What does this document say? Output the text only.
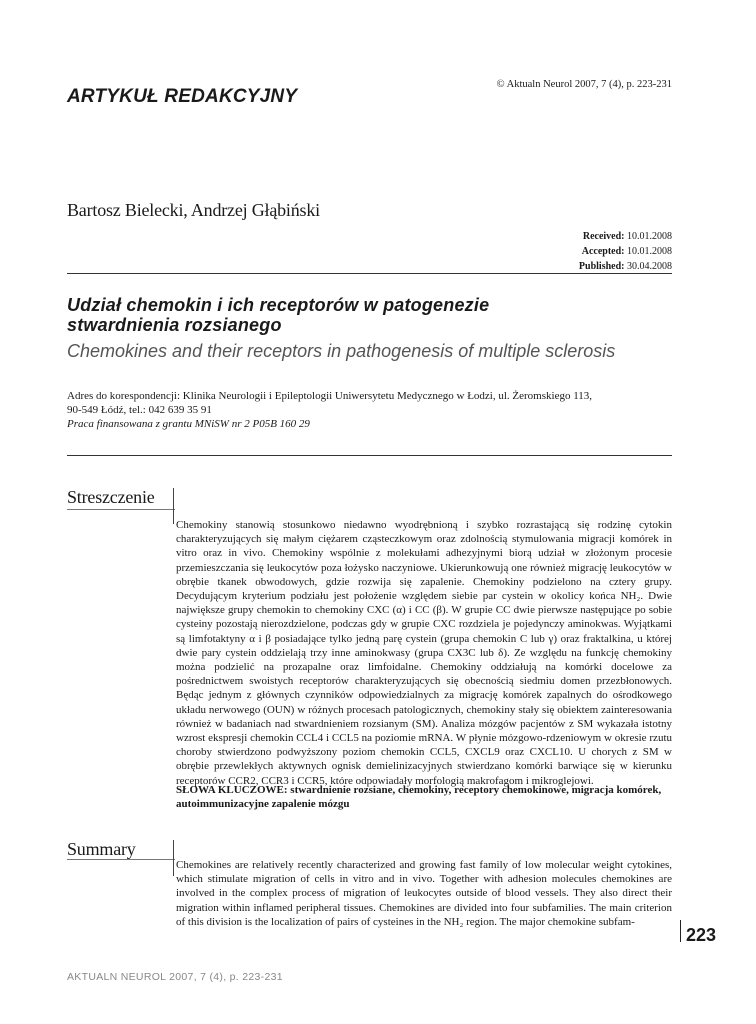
© Aktualn Neurol 2007, 7 (4), p. 223-231
ARTYKUŁ REDAKCYJNY
Bartosz Bielecki, Andrzej Głąbiński
Received: 10.01.2008
Accepted: 10.01.2008
Published: 30.04.2008
Udział chemokin i ich receptorów w patogenezie
stwardnienia rozsianego
Chemokines and their receptors in pathogenesis of multiple sclerosis
Adres do korespondencji: Klinika Neurologii i Epileptologii Uniwersytetu Medycznego w Łodzi, ul. Żeromskiego 113,
90-549 Łódź, tel.: 042 639 35 91
Praca finansowana z grantu MNiSW nr 2 P05B 160 29
Streszczenie
Chemokiny stanowią stosunkowo niedawno wyodrębnioną i szybko rozrastającą się rodzinę cytokin charakteryzujących się małym ciężarem cząsteczkowym oraz zdolnością stymulowania migracji komórek in vitro oraz in vivo. Chemokiny wspólnie z molekułami adhezyjnymi biorą udział w złożonym procesie przemieszczania się leukocytów poza łożysko naczyniowe. Ukierunkowują one również migrację leukocytów w obrębie tkanek obwodowych, gdzie rozwija się zapalenie. Chemokiny podzielono na cztery grupy. Decydującym kryterium podziału jest położenie względem siebie par cystein w okolicy końca NH₂. Dwie największe grupy chemokin to chemokiny CXC (α) i CC (β). W grupie CC dwie pierwsze następujące po sobie cysteiny pozostają nierozdzielone, podczas gdy w grupie CXC rozdziela je pojedynczy aminokwas. Wyjątkami są limfotaktyny α i β posiadające tylko jedną parę cystein (grupa chemokin C lub γ) oraz fraktalkina, u której dwie pary cystein oddzielają trzy inne aminokwasy (grupa CX3C lub δ). Ze względu na funkcję chemokiny można podzielić na prozapalne oraz limfoidalne. Chemokiny oddziałują na komórki docelowe za pośrednictwem swoistych receptorów charakteryzujących się obecnością siedmiu domen przezbłonowych. Będąc jednym z głównych czynników odpowiedzialnych za migrację komórek zapalnych do ośrodkowego układu nerwowego (OUN) w różnych procesach patologicznych, chemokiny stały się obiektem zainteresowania również w badaniach nad stwardnieniem rozsianym (SM). Analiza mózgów pacjentów z SM wykazała istotny wzrost ekspresji chemokin CCL4 i CCL5 na poziomie mRNA. W płynie mózgowo-rdzeniowym w okresie rzutu choroby stwierdzono podwyższony poziom chemokin CCL5, CXCL9 oraz CXCL10. U chorych z SM w obrębie przewlekłych aktywnych ognisk demielinizacyjnych stwierdzano komórki barwiące się w kierunku receptorów CCR2, CCR3 i CCR5, które odpowiadały morfologią makrofagom i mikroglejowi.
SŁOWA KLUCZOWE: stwardnienie rozsiane, chemokiny, receptory chemokinowe, migracja komórek, autoimmunizacyjne zapalenie mózgu
Summary
Chemokines are relatively recently characterized and growing fast family of low molecular weight cytokines, which stimulate migration of cells in vitro and in vivo. Together with adhesion molecules chemokines are involved in the complex process of migration of leukocytes outside of blood vessels. They also direct their migration within inflamed peripheral tissues. Chemokines are divided into four subfamilies. The main criterion of this division is the localization of pairs of cysteines in the NH₂ region. The major chemokine subfam-
223
AKTUALN NEUROL 2007, 7 (4), p. 223-231
